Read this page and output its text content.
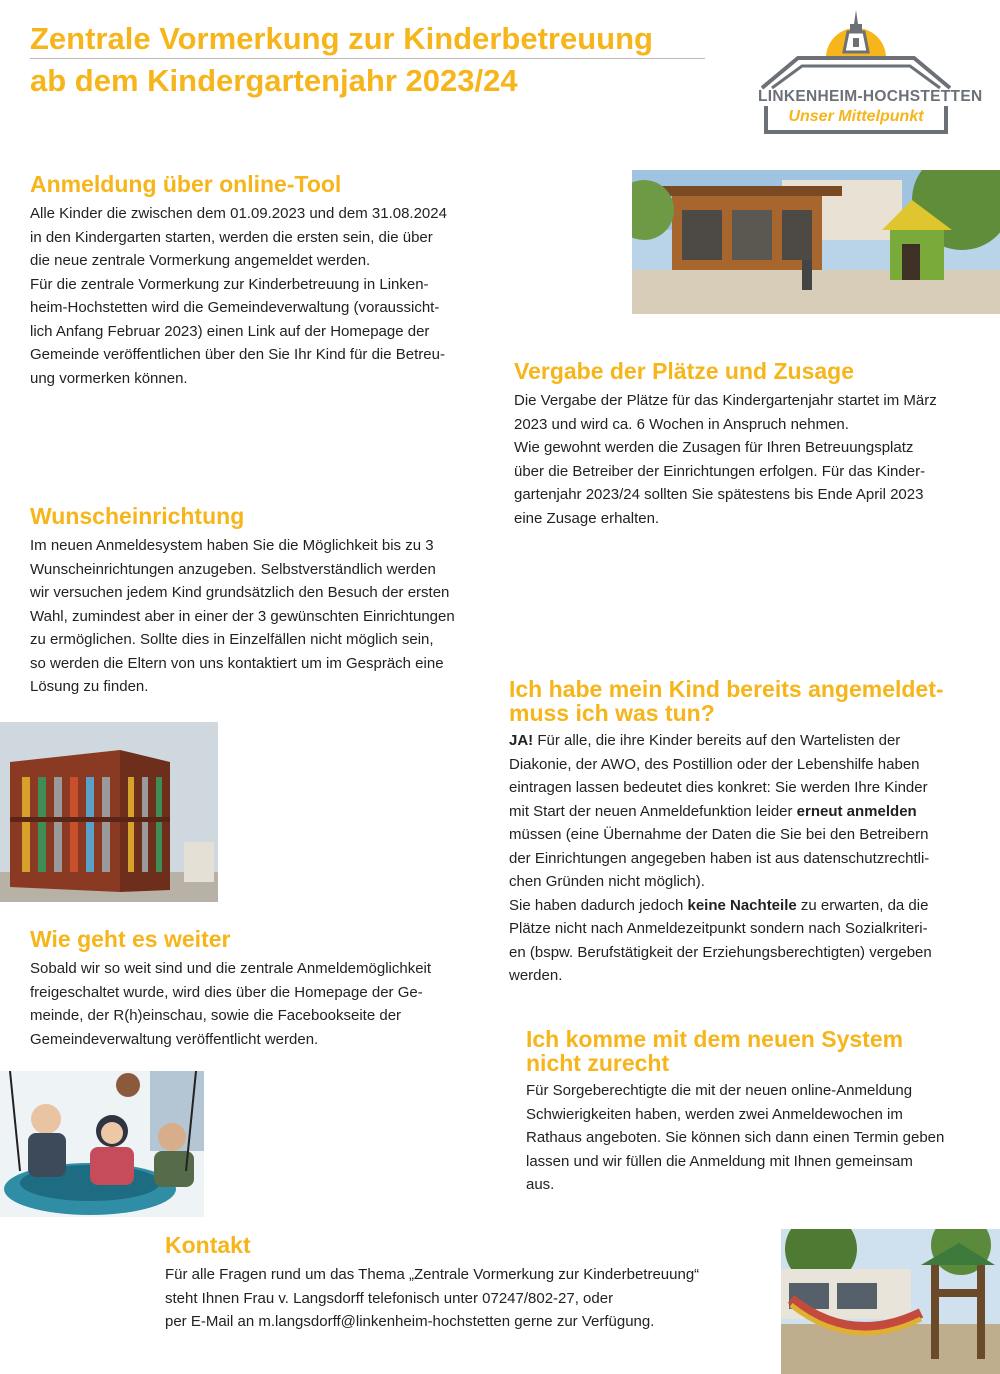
Zentrale Vormerkung zur Kinderbetreuung
ab dem Kindergartenjahr 2023/24	LINKENHEIM-HOCHSTETTEN
Unser Mittelpunkt
Anmeldung über online-Tool

Alle Kinder die zwischen dem 01.09.2023 und dem 31.08.2024

in den Kindergarten starten, werden die ersten sein, die über

die neue zentrale Vormerkung angemeldet werden.

Für die zentrale Vormerkung zur Kinderbetreuung in Linken-

heim-Hochstetten wird die Gemeindeverwaltung (voraussicht-

lich Anfang Februar 2023) einen Link auf der Homepage der

Gemeinde veröffentlichen über den Sie Ihr Kind für die Betreu-

ung vormerken können.	Vergabe der Plätze und Zusage

Die Vergabe der Plätze für das Kindergartenjahr startet im März

2023 und wird ca. 6 Wochen in Anspruch nehmen.

Wie gewohnt werden die Zusagen für Ihren Betreuungsplatz

über die Betreiber der Einrichtungen erfolgen. Für das Kinder-

gartenjahr 2023/24 sollten Sie spätestens bis Ende April 2023

eine Zusage erhalten.

Wunscheinrichtung

Im neuen Anmeldesystem haben Sie die Möglichkeit bis zu 3

Wunscheinrichtungen anzugeben. Selbstverständlich werden

wir versuchen jedem Kind grundsätzlich den Besuch der ersten

Wahl, zumindest aber in einer der 3 gewünschten Einrichtungen

zu ermöglichen. Sollte dies in Einzelfällen nicht möglich sein,

so werden die Eltern von uns kontaktiert um im Gespräch eine

Lösung zu finden.	Ich habe mein Kind bereits angemeldet-
muss ich was tun?

JA! Für alle, die ihre Kinder bereits auf den Wartelisten der

Diakonie, der AWO, des Postillion oder der Lebenshilfe haben

eintragen lassen bedeutet dies konkret: Sie werden Ihre Kinder

mit Start der neuen Anmeldefunktion leider erneut anmelden

müssen (eine Übernahme der Daten die Sie bei den Betreibern

der Einrichtungen angegeben haben ist aus datenschutzrechtli-

chen Gründen nicht möglich).

Sie haben dadurch jedoch keine Nachteile zu erwarten, da die

Plätze nicht nach Anmeldezeitpunkt sondern nach Sozialkriteri-

en (bspw. Berufstätigkeit der Erziehungsberechtigten) vergeben

werden.

Wie geht es weiter

Sobald wir so weit sind und die zentrale Anmeldemöglichkeit

freigeschaltet wurde, wird dies über die Homepage der Ge-

meinde, der R(h)einschau, sowie die Facebookseite der

Gemeindeverwaltung veröffentlicht werden.	Ich komme mit dem neuen System
nicht zurecht

Für Sorgeberechtigte die mit der neuen online-Anmeldung

Schwierigkeiten haben, werden zwei Anmeldewochen im

Rathaus angeboten. Sie können sich dann einen Termin geben

lassen und wir füllen die Anmeldung mit Ihnen gemeinsam

aus.

Kontakt

Für alle Fragen rund um das Thema „Zentrale Vormerkung zur Kinderbetreuung“

steht Ihnen Frau v. Langsdorff telefonisch unter 07247/802-27, oder

per E-Mail an m.langsdorff@linkenheim-hochstetten gerne zur Verfügung.
